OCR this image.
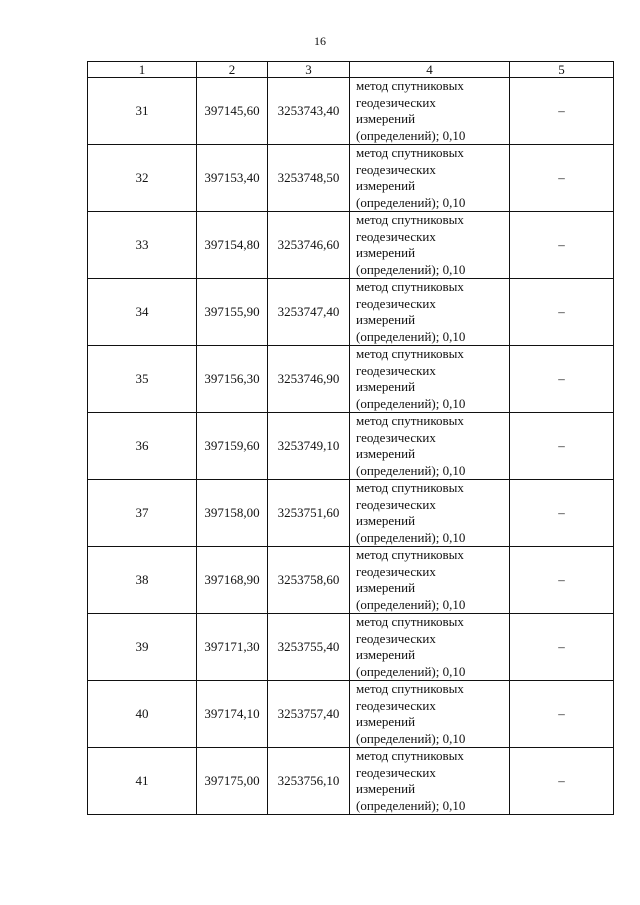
16
1	2	3	4	5
31	397145,60	3253743,40	метод спутниковых
геодезических
измерений
(определений); 0,10	–
32	397153,40	3253748,50	метод спутниковых
геодезических
измерений
(определений); 0,10	–
33	397154,80	3253746,60	метод спутниковых
геодезических
измерений
(определений); 0,10	–
34	397155,90	3253747,40	метод спутниковых
геодезических
измерений
(определений); 0,10	–
35	397156,30	3253746,90	метод спутниковых
геодезических
измерений
(определений); 0,10	–
36	397159,60	3253749,10	метод спутниковых
геодезических
измерений
(определений); 0,10	–
37	397158,00	3253751,60	метод спутниковых
геодезических
измерений
(определений); 0,10	–
38	397168,90	3253758,60	метод спутниковых
геодезических
измерений
(определений); 0,10	–
39	397171,30	3253755,40	метод спутниковых
геодезических
измерений
(определений); 0,10	–
40	397174,10	3253757,40	метод спутниковых
геодезических
измерений
(определений); 0,10	–
41	397175,00	3253756,10	метод спутниковых
геодезических
измерений
(определений); 0,10	–
